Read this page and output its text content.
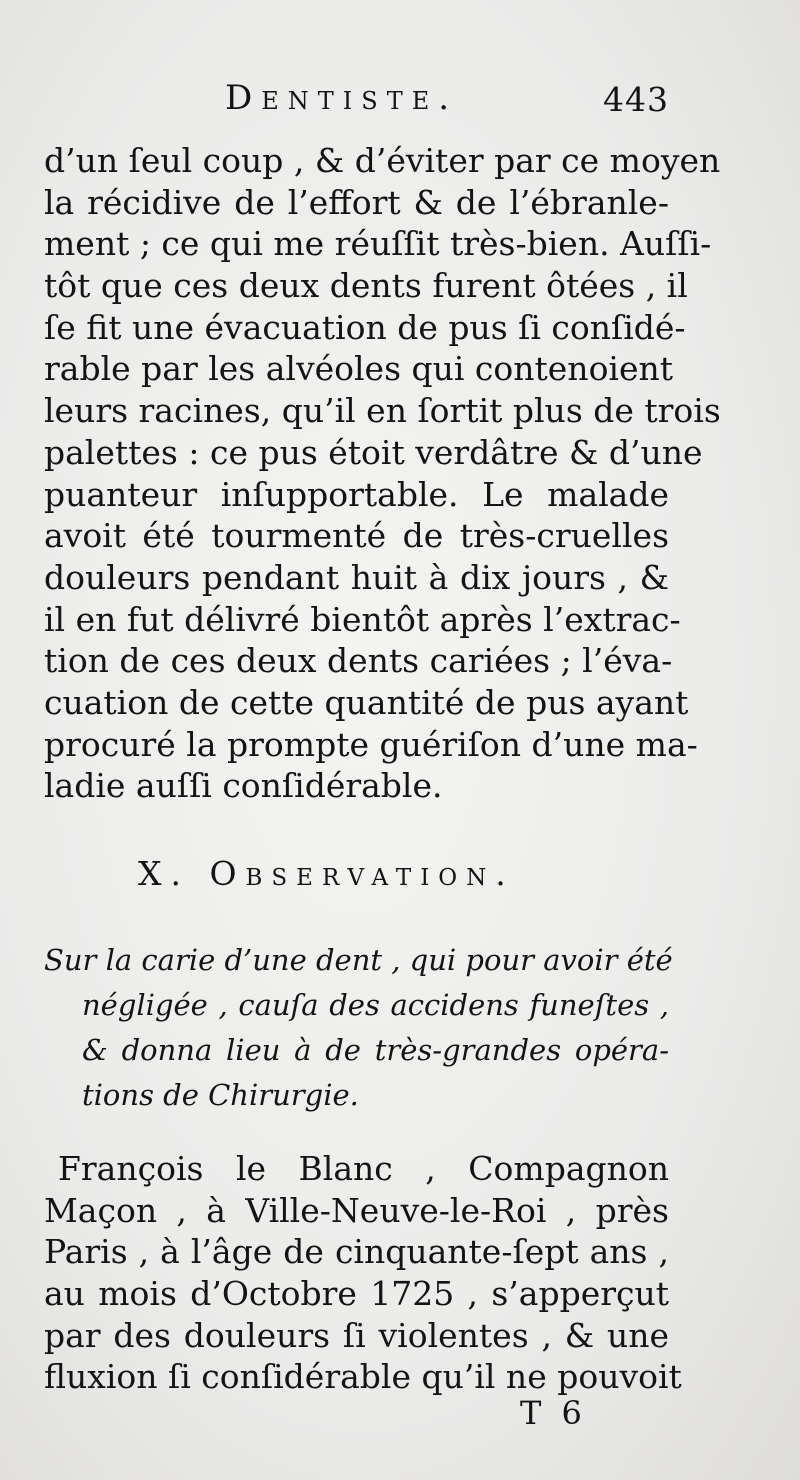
Dentiste.	443
d’un ſeul coup , & d’éviter par ce moyen
la récidive de l’effort & de l’ébranle-
ment ; ce qui me réuſſit très-bien. Auſſi-
tôt que ces deux dents furent ôtées , il
ſe fit une évacuation de pus ſi conſidé-
rable par les alvéoles qui contenoient
leurs racines, qu’il en ſortit plus de trois
palettes : ce pus étoit verdâtre & d’une
puanteur inſupportable. Le malade
avoit été tourmenté de très-cruelles
douleurs pendant huit à dix jours , &
il en fut délivré bientôt après l’extrac-
tion de ces deux dents cariées ; l’éva-
cuation de cette quantité de pus ayant
procuré la prompte guériſon d’une ma-
ladie auſſi conſidérable.
X. Observation.
Sur la carie d’une dent , qui pour avoir été
négligée , cauſa des accidens funeſtes ,
& donna lieu à de très-grandes opéra-
tions de Chirurgie.
François le Blanc , Compagnon
Maçon , à Ville-Neuve-le-Roi , près
Paris , à l’âge de cinquante-ſept ans ,
au mois d’Octobre 1725 , s’apperçut
par des douleurs ſi violentes , & une
fluxion ſi conſidérable qu’il ne pouvoit
T 6
